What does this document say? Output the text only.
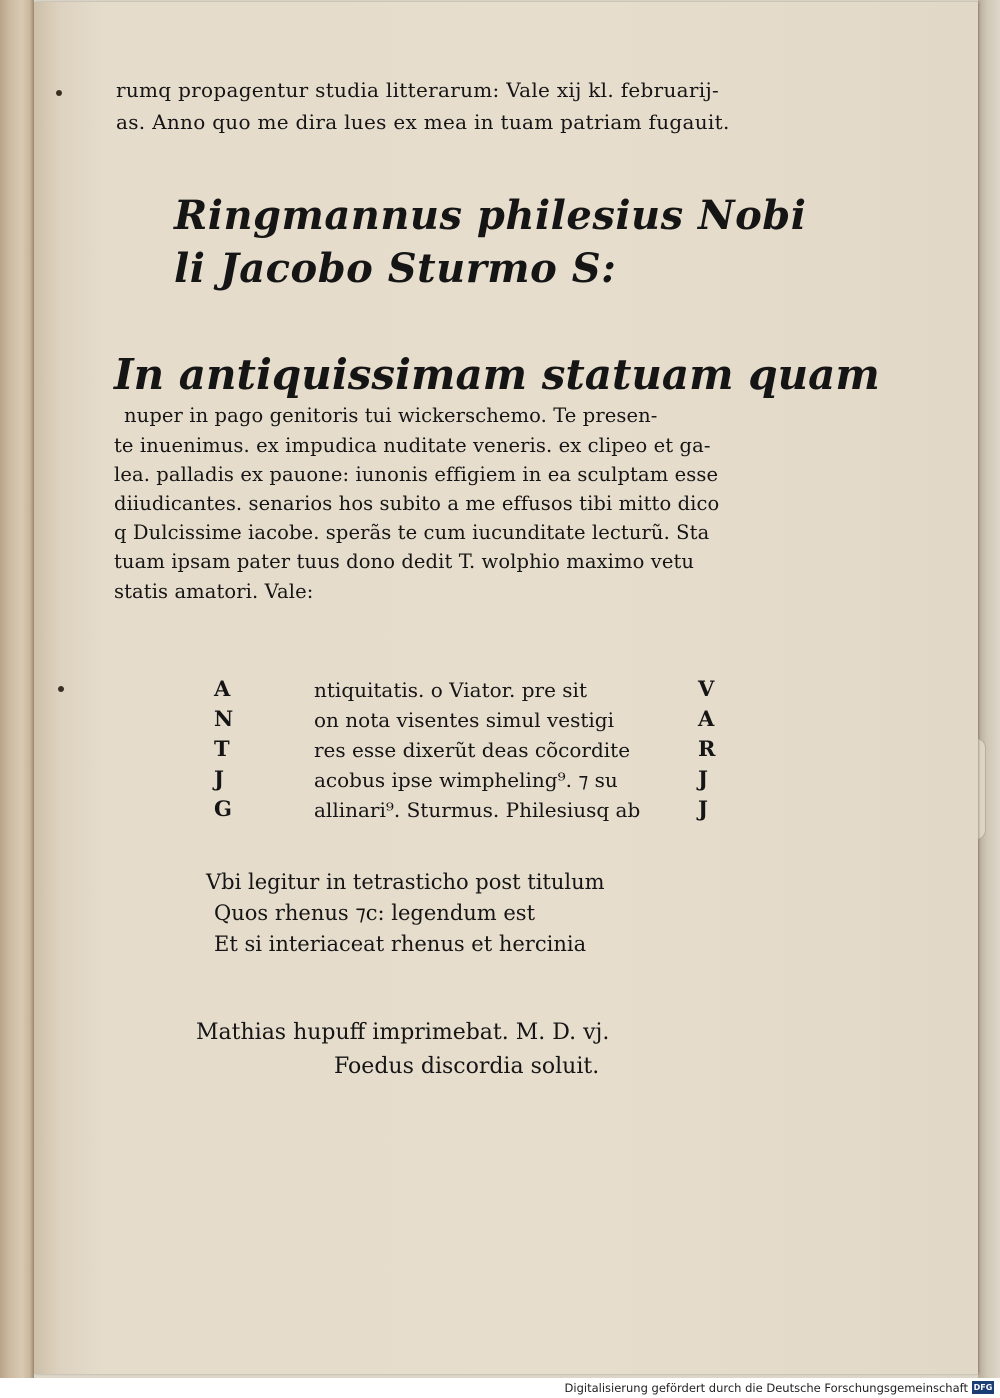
rumq propagentur studia litterarum: Vale xij kl. februarij-
as. Anno quo me dira lues ex mea in tuam patriam fugauit.
Ringmannus philesius Nobi
li Jacobo Sturmo S:
In antiquissimam statuam quam
nuper in pago genitoris tui wickerschemo. Te presen-
te inuenimus. ex impudica nuditate veneris. ex clipeo et ga-
lea. palladis ex pauone: iunonis effigiem in ea sculptam esse
diiudicantes. senarios hos subito a me effusos tibi mitto dico
q Dulcissime iacobe. sperãs te cum iucunditate lecturũ. Sta
tuam ipsam pater tuus dono dedit T. wolphio maximo vetu
statis amatori. Vale:
A	ntiquitatis. o Viator. pre sit	V
N	on nota visentes simul vestigi	A
T	res esse dixerũt deas cõcordite	R
J	acobus ipse wimpheling⁹. ⁊ su	J
G	allinari⁹. Sturmus. Philesiusq ab	J
Vbi legitur in tetrasticho post titulum
Quos rhenus ⁊c: legendum est
Et si interiaceat rhenus et hercinia
Mathias hupuff imprimebat. M. D. vj.
Foedus discordia soluit.
Digitalisierung gefördert durch die Deutsche Forschungsgemeinschaft DFG
